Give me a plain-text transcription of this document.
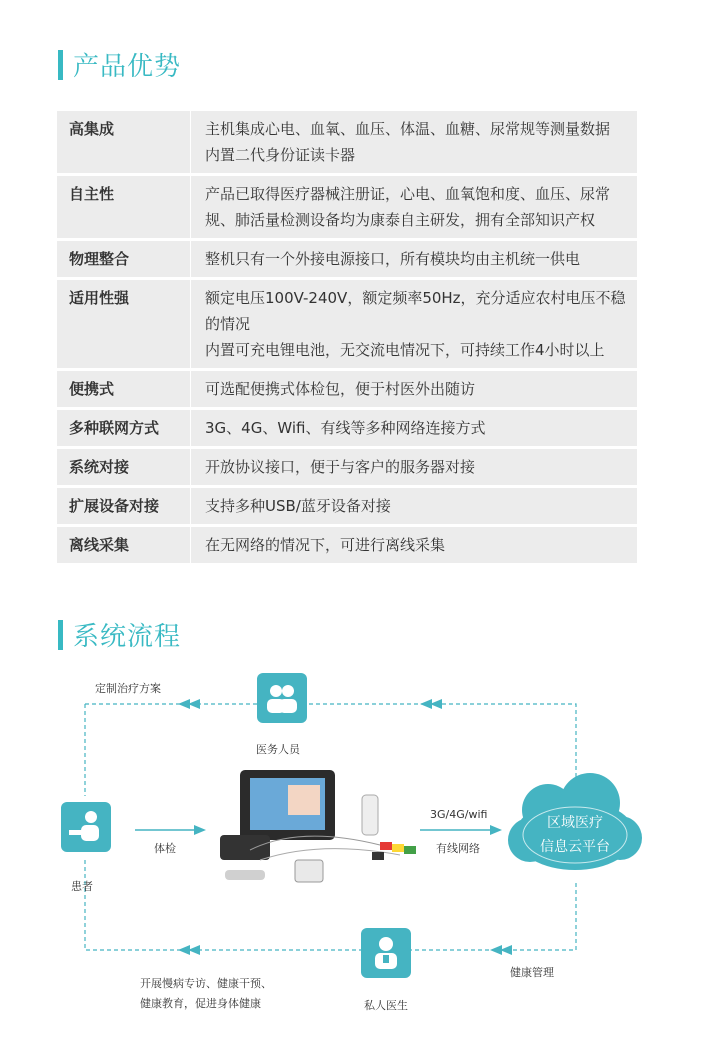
产品优势
高集成	主机集成心电、血氧、血压、体温、血糖、尿常规等测量数据
内置二代身份证读卡器
自主性	产品已取得医疗器械注册证，心电、血氧饱和度、血压、尿常规、肺活量检测设备均为康泰自主研发，拥有全部知识产权
物理整合	整机只有一个外接电源接口，所有模块均由主机统一供电
适用性强	额定电压100V-240V，额定频率50Hz，充分适应农村电压不稳的情况
内置可充电锂电池，无交流电情况下，可持续工作4小时以上
便携式	可选配便携式体检包，便于村医外出随访
多种联网方式	3G、4G、Wifi、有线等多种网络连接方式
系统对接	开放协议接口，便于与客户的服务器对接
扩展设备对接	支持多种USB/蓝牙设备对接
离线采集	在无网络的情况下，可进行离线采集
系统流程
医务人员
定制治疗方案
患者
体检
3G/4G/wifi
有线网络
区域医疗
信息云平台
私人医生
健康管理
开展慢病专访、健康干预、
健康教育，促进身体健康
